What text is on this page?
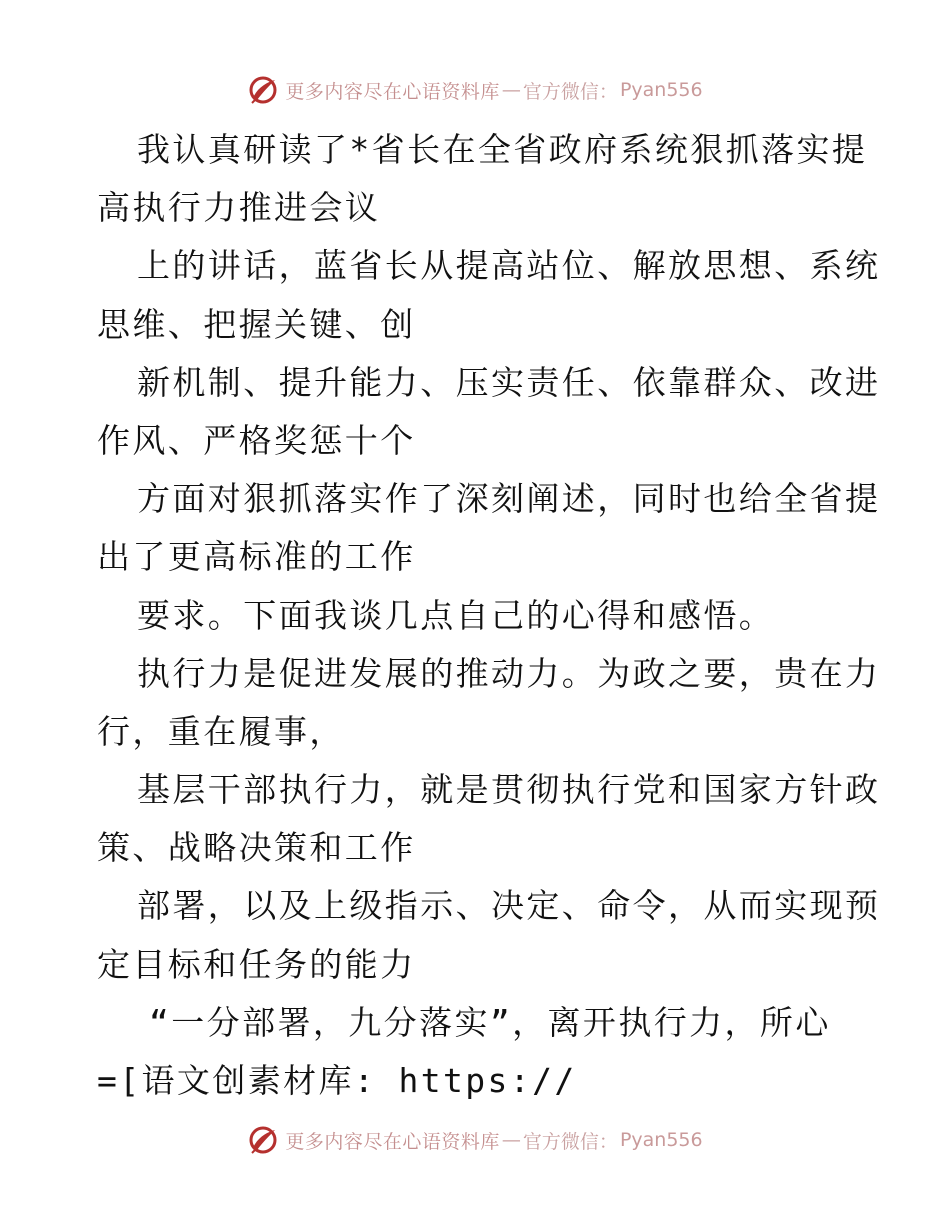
更多内容尽在心语资料库 — 官方微信： Pyan556
我认真研读了*省长在全省政府系统狠抓落实提
高执行力推进会议
上的讲话，蓝省长从提高站位、解放思想、系统
思维、把握关键、创
新机制、提升能力、压实责任、依靠群众、改进
作风、严格奖惩十个
方面对狠抓落实作了深刻阐述，同时也给全省提
出了更高标准的工作
要求。下面我谈几点自己的心得和感悟。
执行力是促进发展的推动力。为政之要，贵在力
行，重在履事，
基层干部执行力，就是贯彻执行党和国家方针政
策、战略决策和工作
部署，以及上级指示、决定、命令，从而实现预
定目标和任务的能力
“一分部署，九分落实”，离开执行力，所心
=[语文创素材库: https://
更多内容尽在心语资料库 — 官方微信： Pyan556
